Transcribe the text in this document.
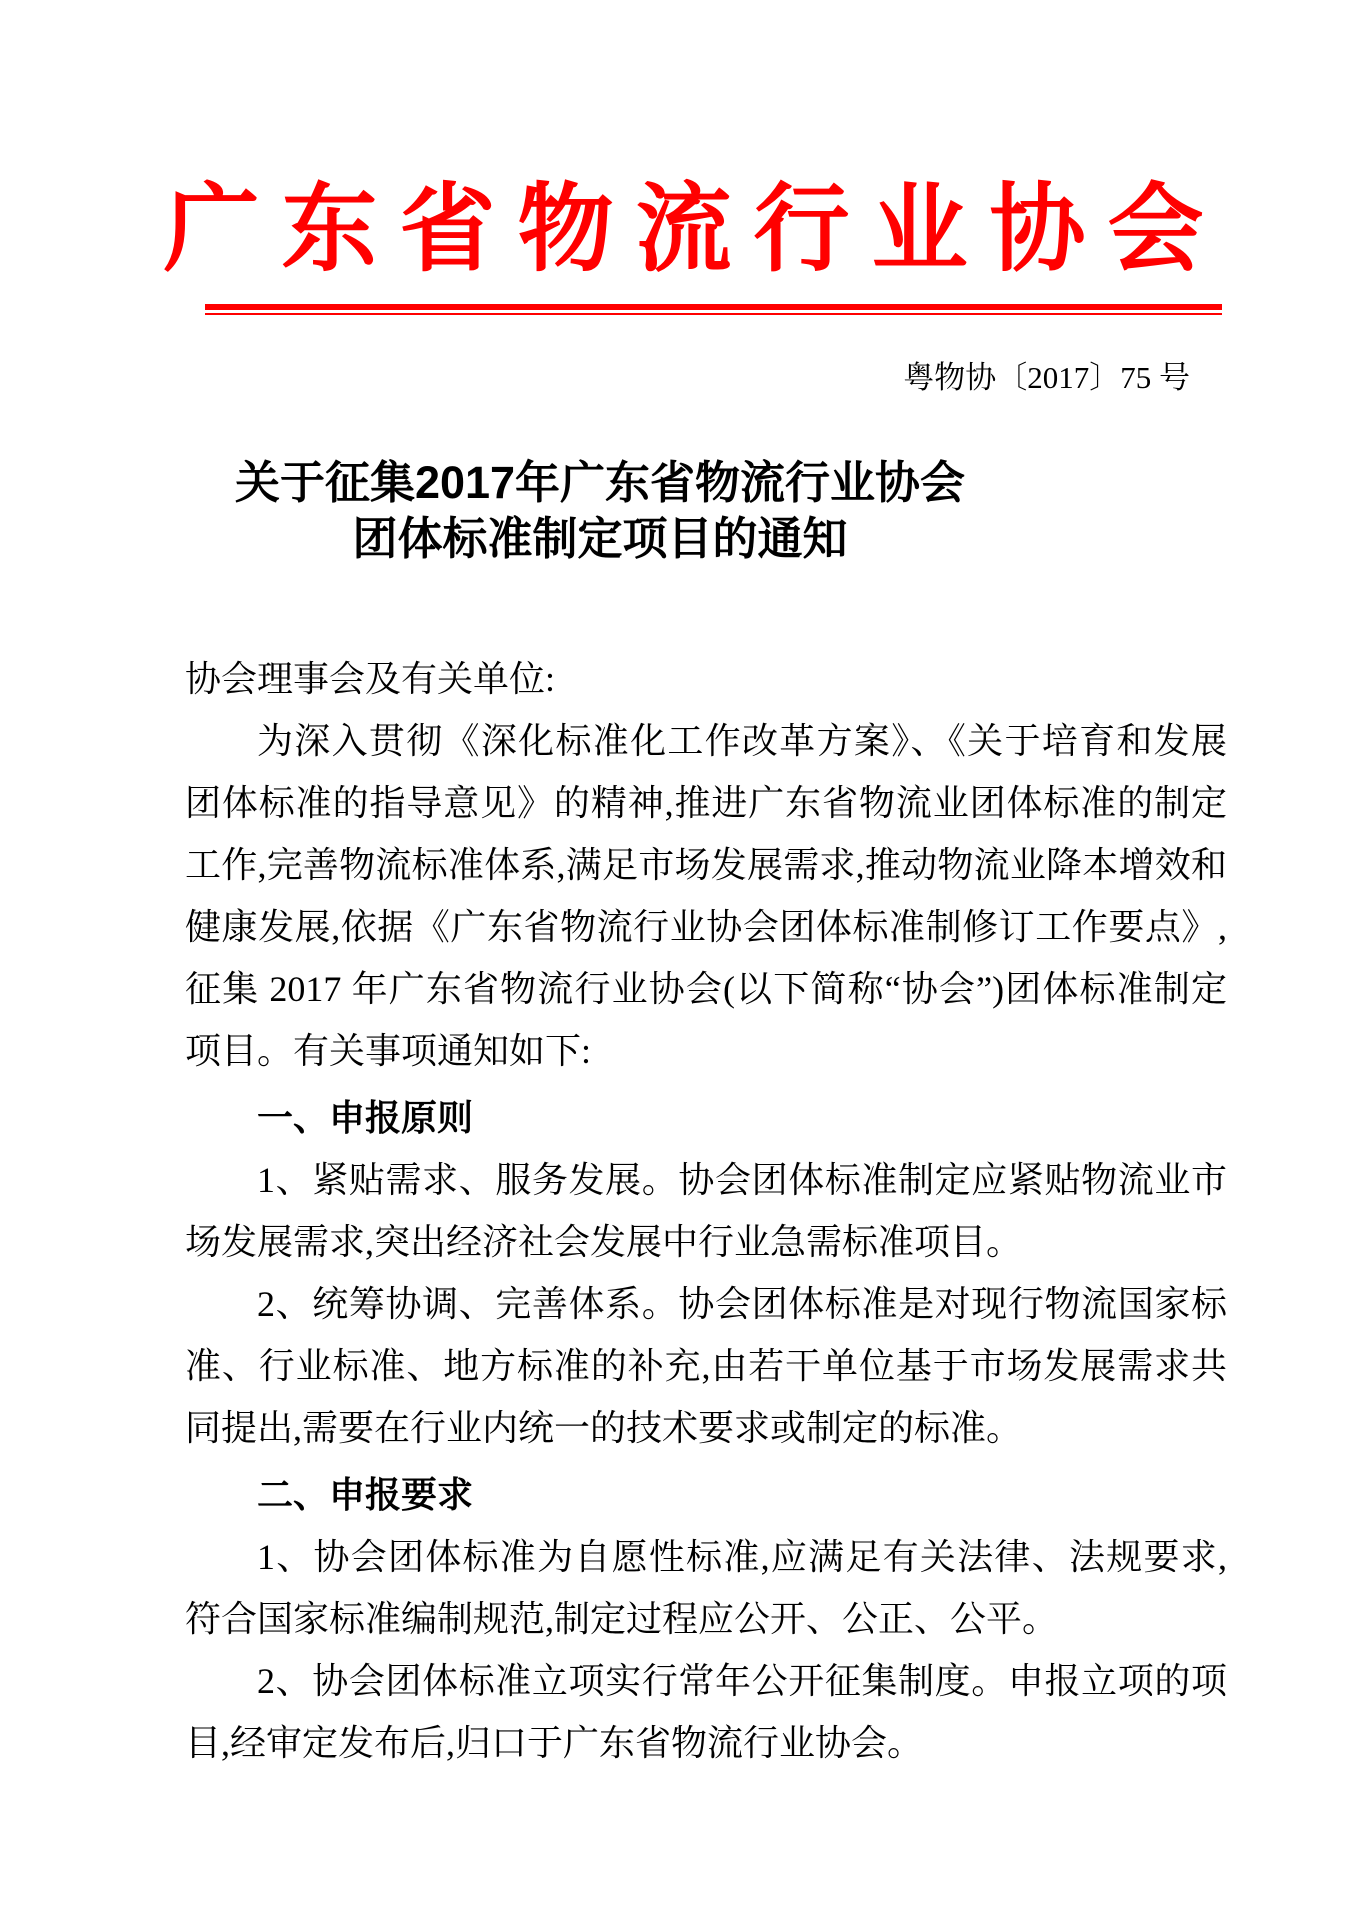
广东省物流行业协会
粤物协〔2017〕75 号
关于征集2017年广东省物流行业协会
团体标准制定项目的通知

协会理事会及有关单位:

为深入贯彻《深化标准化工作改革方案》、《关于培育和发展团体标准的指导意见》的精神,推进广东省物流业团体标准的制定工作,完善物流标准体系,满足市场发展需求,推动物流业降本增效和健康发展,依据《广东省物流行业协会团体标准制修订工作要点》,征集 2017 年广东省物流行业协会(以下简称“协会”)团体标准制定项目。有关事项通知如下:

一、申报原则

1、紧贴需求、服务发展。协会团体标准制定应紧贴物流业市场发展需求,突出经济社会发展中行业急需标准项目。

2、统筹协调、完善体系。协会团体标准是对现行物流国家标准、行业标准、地方标准的补充,由若干单位基于市场发展需求共同提出,需要在行业内统一的技术要求或制定的标准。

二、申报要求

1、协会团体标准为自愿性标准,应满足有关法律、法规要求,符合国家标准编制规范,制定过程应公开、公正、公平。

2、协会团体标准立项实行常年公开征集制度。申报立项的项目,经审定发布后,归口于广东省物流行业协会。
